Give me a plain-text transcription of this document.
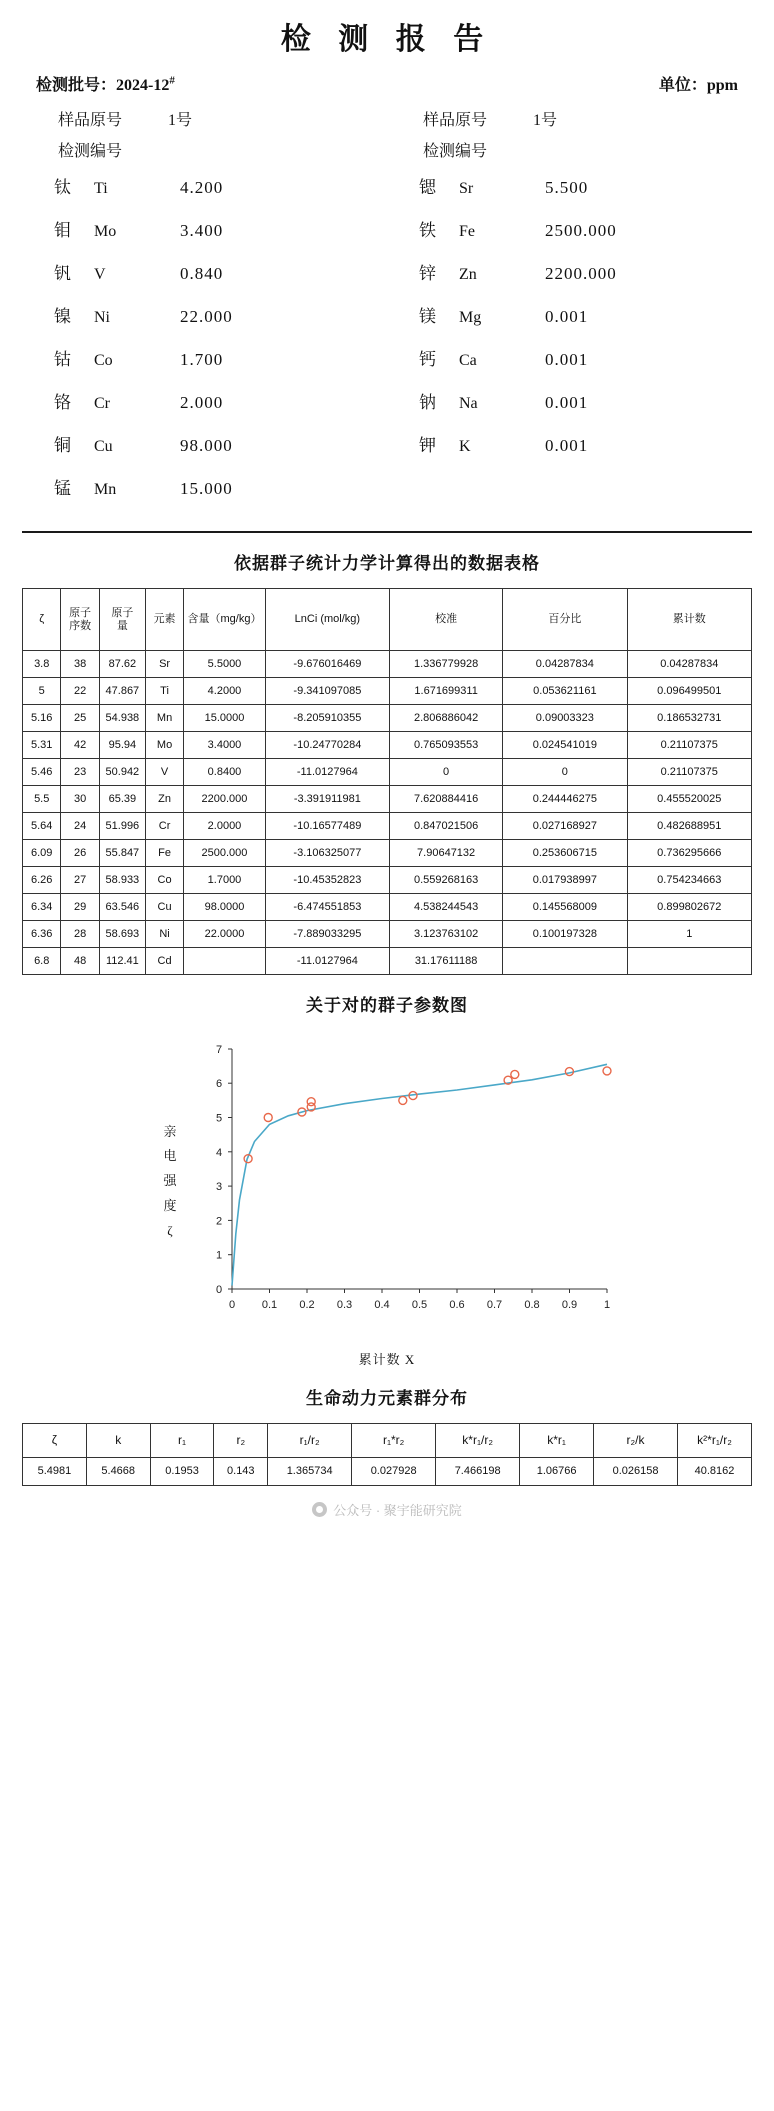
检 测 报 告
检测批号：2024-12#	单位：ppm
样品原号	1号	样品原号	1号
检测编号	检测编号
钛	Ti	4.200
钼	Mo	3.400
钒	V	0.840
镍	Ni	22.000
钴	Co	1.700
铬	Cr	2.000
铜	Cu	98.000
锰	Mn	15.000
锶	Sr	5.500
铁	Fe	2500.000
锌	Zn	2200.000
镁	Mg	0.001
钙	Ca	0.001
钠	Na	0.001
钾	K	0.001
依据群子统计力学计算得出的数据表格
ζ	原子序数	原子量	元素	含量（mg/kg）	LnCi (mol/kg)	校准	百分比	累计数
3.8	38	87.62	Sr	5.5000	-9.676016469	1.336779928	0.04287834	0.04287834
5	22	47.867	Ti	4.2000	-9.341097085	1.671699311	0.053621161	0.096499501
5.16	25	54.938	Mn	15.0000	-8.205910355	2.806886042	0.09003323	0.186532731
5.31	42	95.94	Mo	3.4000	-10.24770284	0.765093553	0.024541019	0.21107375
5.46	23	50.942	V	0.8400	-11.0127964	0	0	0.21107375
5.5	30	65.39	Zn	2200.000	-3.391911981	7.620884416	0.244446275	0.455520025
5.64	24	51.996	Cr	2.0000	-10.16577489	0.847021506	0.027168927	0.482688951
6.09	26	55.847	Fe	2500.000	-3.106325077	7.90647132	0.253606715	0.736295666
6.26	27	58.933	Co	1.7000	-10.45352823	0.559268163	0.017938997	0.754234663
6.34	29	63.546	Cu	98.0000	-6.474551853	4.538244543	0.145568009	0.899802672
6.36	28	58.693	Ni	22.0000	-7.889033295	3.123763102	0.100197328	1
6.8	48	112.41	Cd		-11.0127964	31.17611188		
关于对的群子参数图
亲
电
强
度
ζ
0
1
2
3
4
5
6
7
0 0.1 0.2 0.3 0.4 0.5 0.6 0.7 0.8 0.9 1
累计数 X
生命动力元素群分布
ζ	k	r₁	r₂	r₁/r₂	r₁*r₂	k*r₁/r₂	k*r₁	r₂/k	k²*r₁/r₂
5.4981	5.4668	0.1953	0.143	1.365734	0.027928	7.466198	1.06766	0.026158	40.8162
公众号 · 聚宇能研究院
